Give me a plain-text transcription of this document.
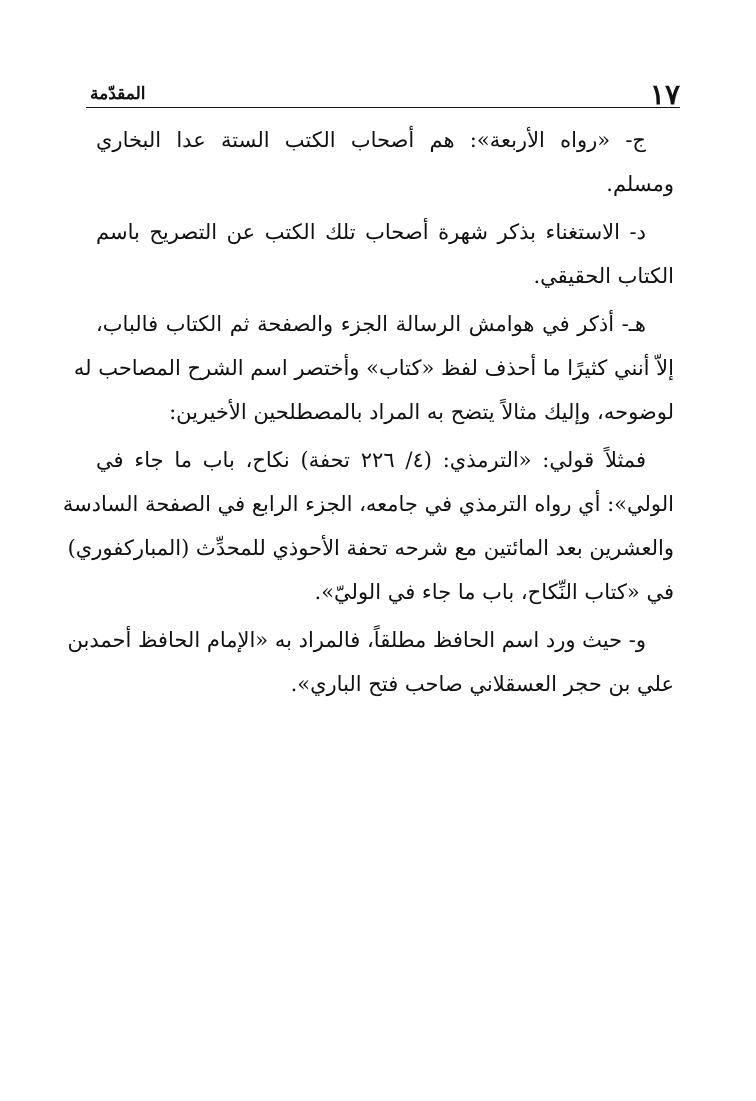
١٧
المقدّمة
ج- «رواه الأربعة»: هم أصحاب الكتب الستة عدا البخاري
ومسلم.
د- الاستغناء بذكر شهرة أصحاب تلك الكتب عن التصريح باسم
الكتاب الحقيقي.
هـ- أذكر في هوامش الرسالة الجزء والصفحة ثم الكتاب فالباب،
إلاّ أنني كثيرًا ما أحذف لفظ «كتاب» وأختصر اسم الشرح المصاحب له
لوضوحه، وإليك مثالاً يتضح به المراد بالمصطلحين الأخيرين:
فمثلاً قولي: «الترمذي: (٤/ ٢٢٦ تحفة) نكاح، باب ما جاء في
الولي»: أي رواه الترمذي في جامعه، الجزء الرابع في الصفحة السادسة
والعشرين بعد المائتين مع شرحه تحفة الأحوذي للمحدِّث (المباركفوري)
في «كتاب النِّكاح، باب ما جاء في الوليّ».
و- حيث ورد اسم الحافظ مطلقاً، فالمراد به «الإمام الحافظ أحمدبن
علي بن حجر العسقلاني صاحب فتح الباري».
